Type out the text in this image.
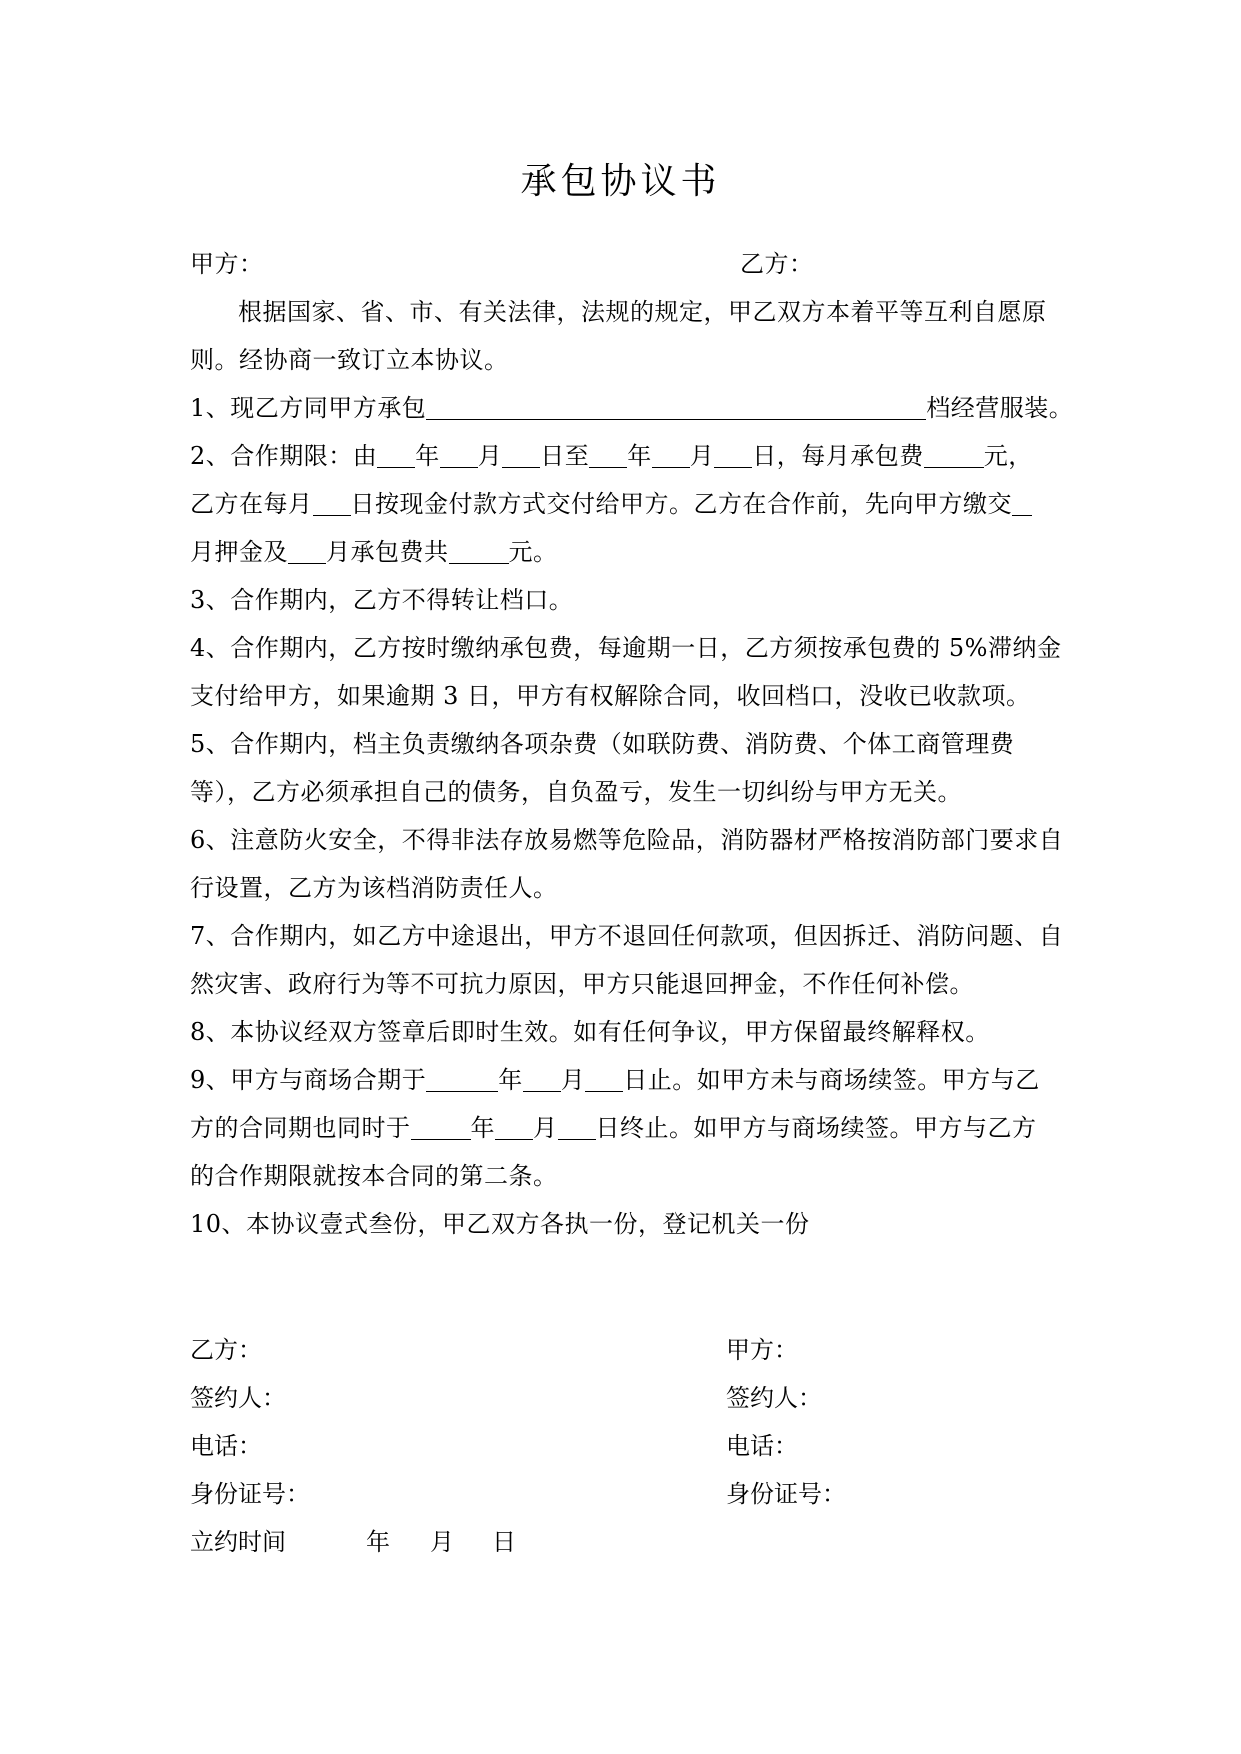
承包协议书
甲方：	乙方：

根据国家、省、市、有关法律，法规的规定，甲乙双方本着平等互利自愿原

则。经协商一致订立本协议。

1、现乙方同甲方承包	档经营服装。

2、合作期限：由 年 月 日至 年 月 日，每月承包费	元，

乙方在每月 日按现金付款方式交付给甲方。乙方在合作前，先向甲方缴交

月押金及 月承包费共	元。

3、合作期内，乙方不得转让档口。

4、合作期内，乙方按时缴纳承包费，每逾期一日，乙方须按承包费的 5%滞纳金支付给甲方，如果逾期 3 日，甲方有权解除合同，收回档口，没收已收款项。

5、合作期内，档主负责缴纳各项杂费（如联防费、消防费、个体工商管理费等），乙方必须承担自己的债务，自负盈亏，发生一切纠纷与甲方无关。

6、注意防火安全，不得非法存放易燃等危险品，消防器材严格按消防部门要求自行设置，乙方为该档消防责任人。

7、合作期内，如乙方中途退出，甲方不退回任何款项，但因拆迁、消防问题、自然灾害、政府行为等不可抗力原因，甲方只能退回押金，不作任何补偿。

8、本协议经双方签章后即时生效。如有任何争议，甲方保留最终解释权。

9、甲方与商场合期于	年 月 日止。如甲方未与商场续签。甲方与乙

方的合同期也同时于	年 月 日终止。如甲方与商场续签。甲方与乙方

的合作期限就按本合同的第二条。

10、本协议壹式叁份，甲乙双方各执一份，登记机关一份

乙方：	甲方：
签约人：	签约人：
电话：	电话：
身份证号：	身份证号：
立约时间	年 月 日
